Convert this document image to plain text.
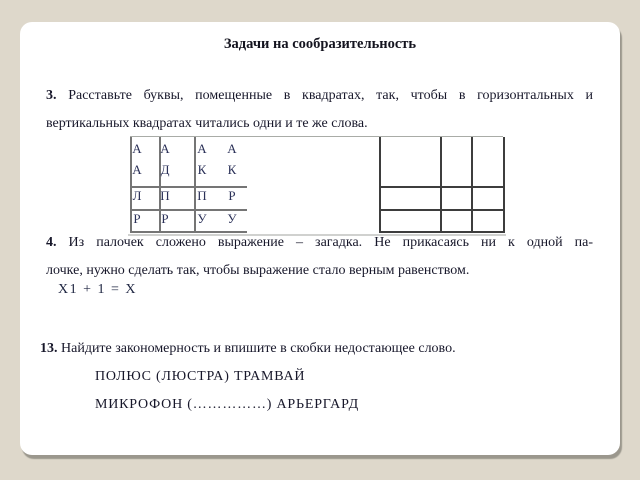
Задачи на сообразительность
3. Расставьте буквы, помещенные в квадратах, так, чтобы в горизонтальных и
вертикальных квадратах читались одни и те же слова.
А А А А
А Д К К
Л П П	Р
Р	Р	У У
4. Из палочек сложено выражение – загадка. Не прикасаясь ни к одной па-
лочке, нужно сделать так, чтобы выражение стало верным равенством.
Х1 + 1 = Х
13. Найдите закономерность и впишите в скобки недостающее слово.
ПОЛЮС (ЛЮСТРА) ТРАМВАЙ
МИКРОФОН (……………) АРЬЕРГАРД
